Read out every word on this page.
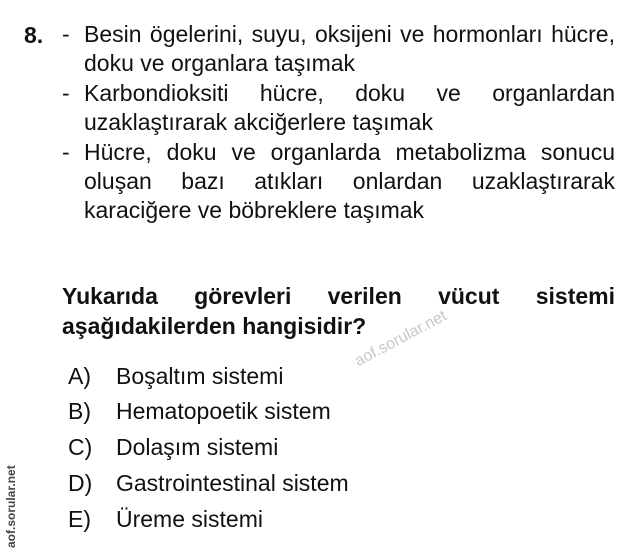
8. - Besin ögelerini, suyu, oksijeni ve hormonları hücre, doku ve organlara taşımak
- Karbondioksiti hücre, doku ve organlardan uzaklaştırarak akciğerlere taşımak
- Hücre, doku ve organlarda metabolizma sonucu oluşan bazı atıkları onlardan uzaklaştırarak karaciğere ve böbreklere taşımak
Yukarıda görevleri verilen vücut sistemi aşağıdakilerden hangisidir?
A) Boşaltım sistemi
B) Hematopoetik sistem
C) Dolaşım sistemi
D) Gastrointestinal sistem
E) Üreme sistemi
aof.sorular.net
aof.sorular.net
